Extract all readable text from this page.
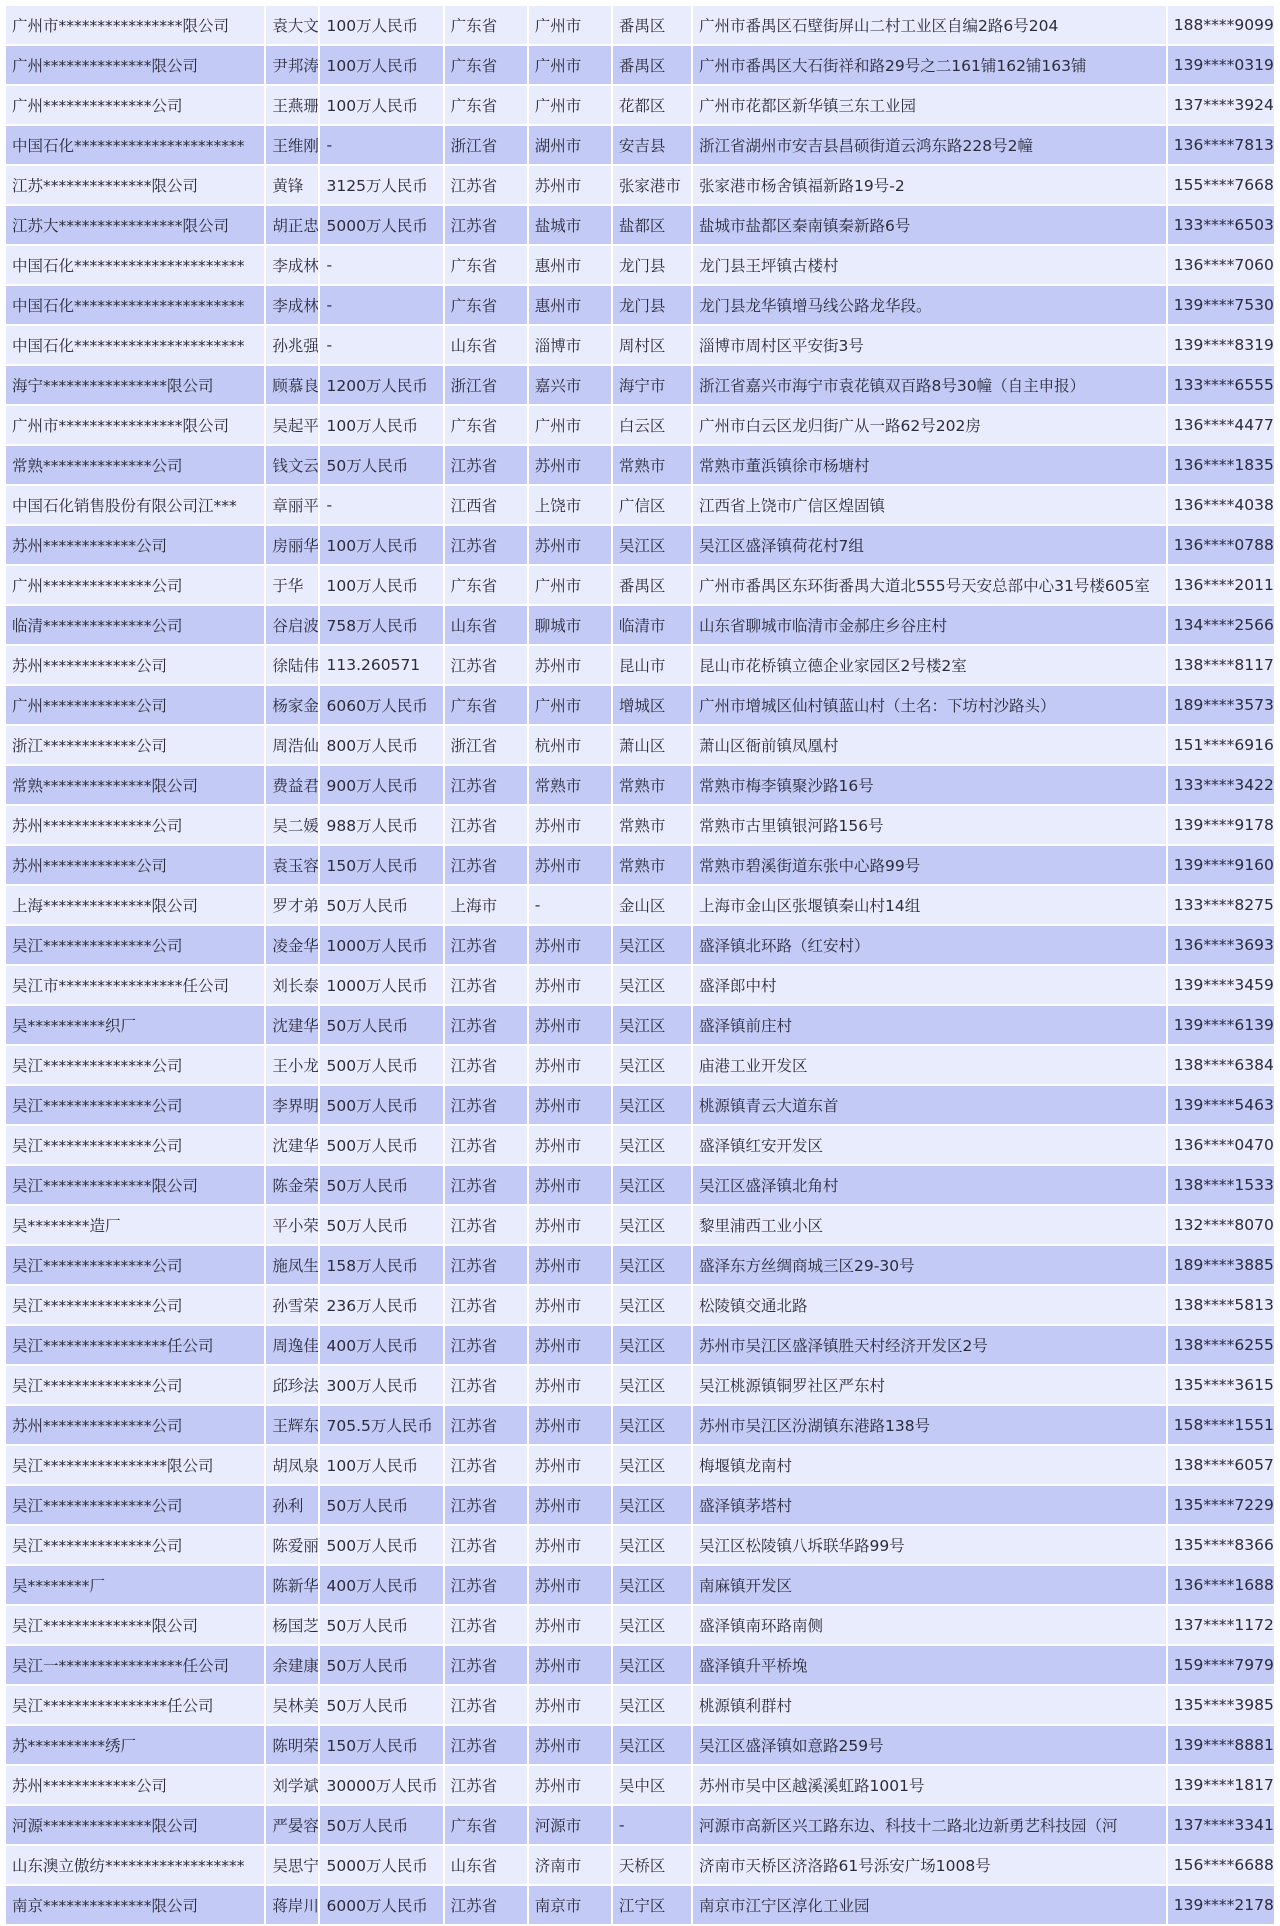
广州市****************限公司	袁大文	100万人民币	广东省	广州市	番禺区	广州市番禺区石壁街屏山二村工业区自编2路6号204	188****9099
广州**************限公司	尹邦涛	100万人民币	广东省	广州市	番禺区	广州市番禺区大石街祥和路29号之二161铺162铺163铺	139****0319
广州**************公司	王燕珊	100万人民币	广东省	广州市	花都区	广州市花都区新华镇三东工业园	137****3924
中国石化**********************	王维刚	-	浙江省	湖州市	安吉县	浙江省湖州市安吉县昌硕街道云鸿东路228号2幢	136****7813
江苏**************限公司	黄锋	3125万人民币	江苏省	苏州市	张家港市	张家港市杨舍镇福新路19号-2	155****7668
江苏大****************限公司	胡正忠	5000万人民币	江苏省	盐城市	盐都区	盐城市盐都区秦南镇秦新路6号	133****6503
中国石化**********************	李成林	-	广东省	惠州市	龙门县	龙门县王坪镇古楼村	136****7060
中国石化**********************	李成林	-	广东省	惠州市	龙门县	龙门县龙华镇增马线公路龙华段。	139****7530
中国石化**********************	孙兆强	-	山东省	淄博市	周村区	淄博市周村区平安街3号	139****8319
海宁****************限公司	顾慕良	1200万人民币	浙江省	嘉兴市	海宁市	浙江省嘉兴市海宁市袁花镇双百路8号30幢（自主申报）	133****6555
广州市****************限公司	吴起平	100万人民币	广东省	广州市	白云区	广州市白云区龙归街广从一路62号202房	136****4477
常熟**************公司	钱文云	50万人民币	江苏省	苏州市	常熟市	常熟市董浜镇徐市杨塘村	136****1835
中国石化销售股份有限公司江***	章丽平	-	江西省	上饶市	广信区	江西省上饶市广信区煌固镇	136****4038
苏州************公司	房丽华	100万人民币	江苏省	苏州市	吴江区	吴江区盛泽镇荷花村7组	136****0788
广州**************公司	于华	100万人民币	广东省	广州市	番禺区	广州市番禺区东环街番禺大道北555号天安总部中心31号楼605室	136****2011
临清**************公司	谷启波	758万人民币	山东省	聊城市	临清市	山东省聊城市临清市金郝庄乡谷庄村	134****2566
苏州************公司	徐陆伟	113.260571	江苏省	苏州市	昆山市	昆山市花桥镇立德企业家园区2号楼2室	138****8117
广州************公司	杨家金	6060万人民币	广东省	广州市	增城区	广州市增城区仙村镇蓝山村（土名：下坊村沙路头）	189****3573
浙江************公司	周浩仙	800万人民币	浙江省	杭州市	萧山区	萧山区衙前镇凤凰村	151****6916
常熟**************限公司	费益君	900万人民币	江苏省	常熟市	常熟市	常熟市梅李镇聚沙路16号	133****3422
苏州**************公司	吴二媛	988万人民币	江苏省	苏州市	常熟市	常熟市古里镇银河路156号	139****9178
苏州************公司	袁玉容	150万人民币	江苏省	苏州市	常熟市	常熟市碧溪街道东张中心路99号	139****9160
上海**************限公司	罗才弟	50万人民币	上海市	-	金山区	上海市金山区张堰镇秦山村14组	133****8275
吴江**************公司	凌金华	1000万人民币	江苏省	苏州市	吴江区	盛泽镇北环路（红安村）	136****3693
吴江市****************任公司	刘长泰	1000万人民币	江苏省	苏州市	吴江区	盛泽郎中村	139****3459
吴**********织厂	沈建华	50万人民币	江苏省	苏州市	吴江区	盛泽镇前庄村	139****6139
吴江**************公司	王小龙	500万人民币	江苏省	苏州市	吴江区	庙港工业开发区	138****6384
吴江**************公司	李界明	500万人民币	江苏省	苏州市	吴江区	桃源镇青云大道东首	139****5463
吴江**************公司	沈建华	500万人民币	江苏省	苏州市	吴江区	盛泽镇红安开发区	136****0470
吴江**************限公司	陈金荣	50万人民币	江苏省	苏州市	吴江区	吴江区盛泽镇北角村	138****1533
吴********造厂	平小荣	50万人民币	江苏省	苏州市	吴江区	黎里浦西工业小区	132****8070
吴江**************公司	施凤生	158万人民币	江苏省	苏州市	吴江区	盛泽东方丝绸商城三区29-30号	189****3885
吴江**************公司	孙雪荣	236万人民币	江苏省	苏州市	吴江区	松陵镇交通北路	138****5813
吴江****************任公司	周逸佳	400万人民币	江苏省	苏州市	吴江区	苏州市吴江区盛泽镇胜天村经济开发区2号	138****6255
吴江**************公司	邱珍法	300万人民币	江苏省	苏州市	吴江区	吴江桃源镇铜罗社区严东村	135****3615
苏州**************公司	王辉东	705.5万人民币	江苏省	苏州市	吴江区	苏州市吴江区汾湖镇东港路138号	158****1551
吴江****************限公司	胡凤泉	100万人民币	江苏省	苏州市	吴江区	梅堰镇龙南村	138****6057
吴江**************公司	孙利	50万人民币	江苏省	苏州市	吴江区	盛泽镇茅塔村	135****7229
吴江**************公司	陈爱丽	500万人民币	江苏省	苏州市	吴江区	吴江区松陵镇八坼联华路99号	135****8366
吴********厂	陈新华	400万人民币	江苏省	苏州市	吴江区	南麻镇开发区	136****1688
吴江**************限公司	杨国芝	50万人民币	江苏省	苏州市	吴江区	盛泽镇南环路南侧	137****1172
吴江一****************任公司	余建康	50万人民币	江苏省	苏州市	吴江区	盛泽镇升平桥堍	159****7979
吴江****************任公司	吴林美	50万人民币	江苏省	苏州市	吴江区	桃源镇利群村	135****3985
苏**********绣厂	陈明荣	150万人民币	江苏省	苏州市	吴江区	吴江区盛泽镇如意路259号	139****8881
苏州************公司	刘学斌	30000万人民币	江苏省	苏州市	吴中区	苏州市吴中区越溪溪虹路1001号	139****1817
河源**************限公司	严晏容	50万人民币	广东省	河源市	-	河源市高新区兴工路东边、科技十二路北边新勇艺科技园（河	137****3341
山东澳立傲纺******************	吴思宁	5000万人民币	山东省	济南市	天桥区	济南市天桥区济洛路61号泺安广场1008号	156****6688
南京**************限公司	蒋岸川	6000万人民币	江苏省	南京市	江宁区	南京市江宁区淳化工业园	139****2178
